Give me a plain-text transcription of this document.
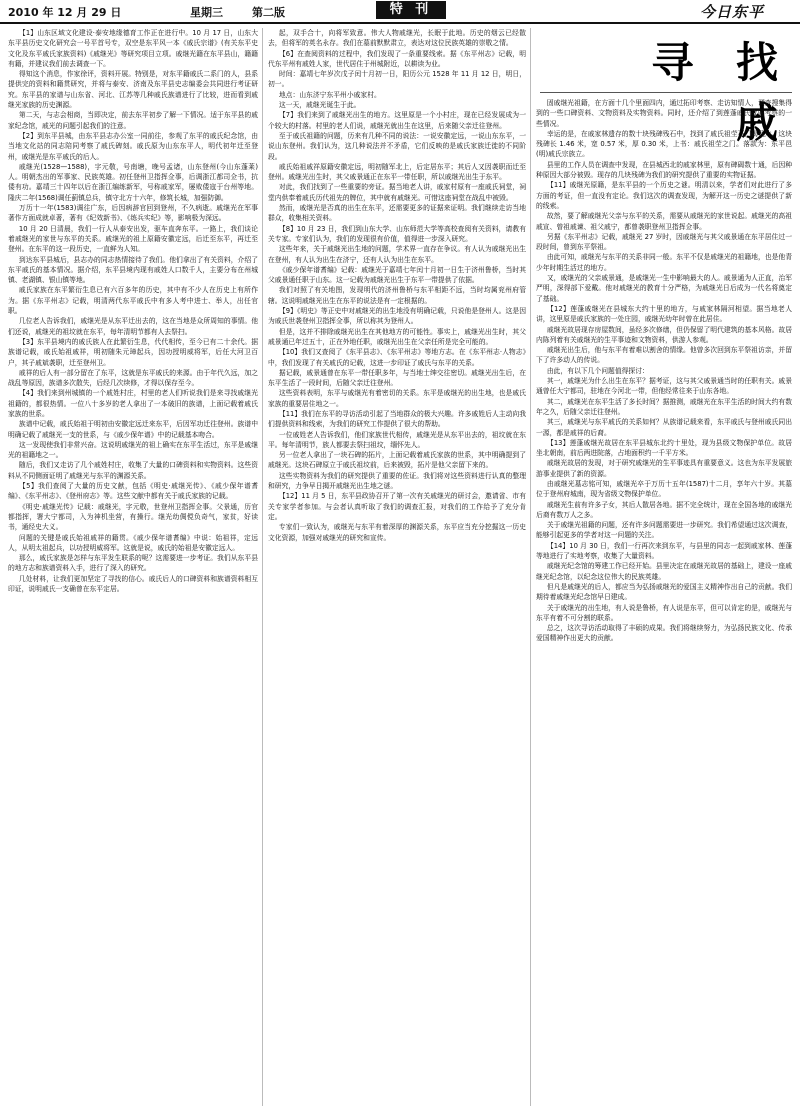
2010 年 12 月 29 日	星期三	第二版	特 刊	今日东平
寻 找 戚

【1】山东区域文化建设·泰安地缘德育工作正在进行中。10 月 17 日，山东大东平县历史文化研究会一号平首号专，双空是东平风一本《戚氏宗谱》(有关东平史文化及东平戚氏家族资料)《戚继光》等研究项目立项。戚继光籍在东平县山，籍籍有籍，并建议我们前去调查一下。

得知这个消息，作家徐评，资料开展。特别是，对东平籍戚氏二系门的人，县系提供完的资料和籍贯研究，并将与泰安、济南及东平县史志编委会共同进行考证研究。东平县的家谱与山东省、河北、江苏等几种戚氏族谱进行了比较，进而看到戚继光家族的历史渊源。

第二天，与志会相商，当即决定，前去东平初步了解一下情况。适于东平县的戚家纪念馆，戚光的问题引起我们的注意。

【2】到东平县城，由东平县志办公室一同前往，参观了东平的戚氏纪念馆，由当地文化站的同志陪同考察了戚氏碑刻。戚氏原为山东东平人，明代初年迁至登州，戚继光是东平戚氏的后人。

戚继光(1528—1588)，字元敬，号南塘，晚号孟诸，山东登州(今山东蓬莱)人。明朝杰出的军事家、民族英雄。初任登州卫指挥佥事，后调浙江都司佥书，抗倭有功。嘉靖三十四年以后在浙江编练新军，号称戚家军，屡败倭寇于台州等地。隆庆二年(1568)调任蓟镇总兵，镇守北方十六年，修筑长城，加强防御。

万历十一年(1583)调往广东，后因病辞官回到登州，不久病逝。戚继光在军事著作方面成就卓著，著有《纪效新书》、《练兵实纪》等，影响极为深远。

10 月 20 日清晨，我们一行人从泰安出发，驱车直奔东平。一路上，我们谈论着戚继光的家世与东平的关系。戚继光的祖上原籍安徽定远，后迁至东平，再迁至登州。在东平的这一段历史，一直鲜为人知。

到达东平县城后，县志办的同志热情接待了我们。他们拿出了有关资料，介绍了东平戚氏的基本情况。据介绍，东平县境内现有戚姓人口数千人，主要分布在州城镇、老湖镇、银山镇等地。

戚氏家族在东平繁衍生息已有六百多年的历史，其中有不少人在历史上有所作为。据《东平州志》记载，明清两代东平戚氏中有多人考中进士、举人，出任官职。

几位老人告诉我们，戚继光是从东平迁出去的，这在当地是众所周知的事情。他们还说，戚继光的祖坟就在东平，每年清明节都有人去祭扫。

【3】东平县境内的戚氏族人在此繁衍生息，代代相传，至今已有二十余代。据族谱记载，戚氏始祖戚祥，明初随朱元璋起兵，因功授明威将军，后任大河卫百户，其子戚斌袭职，迁至登州卫。

戚祥的后人有一部分留在了东平，这就是东平戚氏的来源。由于年代久远，加之战乱等原因，族谱多次散失，后经几次续修，才得以保存至今。

【4】我们来到州城镇的一个戚姓村庄，村里的老人们听说我们是来寻找戚继光祖籍的，都很热情。一位八十多岁的老人拿出了一本破旧的族谱，上面记载着戚氏家族的世系。

族谱中记载，戚氏始祖于明初由安徽定远迁来东平，后因军功迁往登州。族谱中明确记载了戚继光一支的世系，与《戚少保年谱》中的记载基本吻合。

这一发现使我们非常兴奋。这说明戚继光的祖上确实在东平生活过，东平是戚继光的祖籍地之一。

随后，我们又走访了几个戚姓村庄，收集了大量的口碑资料和实物资料。这些资料从不同侧面证明了戚继光与东平的渊源关系。

【5】我们查阅了大量的历史文献，包括《明史·戚继光传》、《戚少保年谱耆编》、《东平州志》、《登州府志》等。这些文献中都有关于戚氏家族的记载。

《明史·戚继光传》记载：戚继光，字元敬，世登州卫指挥佥事。父景通，历官都指挥，署大宁都司，入为神机坐营，有操行。继光幼倜傥负奇气，家贫，好读书，通经史大义。

问题的关键是戚氏始祖戚祥的籍贯。《戚少保年谱耆编》中说：始祖祥，定远人，从明太祖起兵，以功授明威将军。这就是说，戚氏的始祖是安徽定远人。

那么，戚氏家族是怎样与东平发生联系的呢？这需要进一步考证。我们从东平县的地方志和族谱资料入手，进行了深入的研究。

几处材料，让我们更加坚定了寻找的信心。戚氏后人的口碑资料和族谱资料相互印证，说明戚氏一支确曾在东平定居。

起，双手合十，向将军致意。伟大人物戚继光，长眠于此地。历史的烟云已经散去，但将军的英名永存。我们在墓前默默肃立，表达对这位民族英雄的崇敬之情。

【6】在查阅资料的过程中，我们发现了一条重要线索。据《东平州志》记载，明代东平州有戚姓人家，世代居住于州城附近，以耕读为业。

时间：嘉靖七年岁次戊子闰十月初一日，阳历公元 1528 年 11 月 12 日，明日，初一。

地点：山东济宁东平州小戚家村。

这一天，戚继光诞生于此。

【7】我们来到了戚继光出生的地方。这里原是一个小村庄，现在已经发展成为一个较大的村落。村里的老人们说，戚继光就出生在这里，后来随父亲迁往登州。

至于戚氏祖籍的问题，历来有几种不同的说法：一说安徽定远，一说山东东平，一说山东登州。我们认为，这几种说法并不矛盾，它们反映的是戚氏家族迁徙的不同阶段。

戚氏始祖戚祥原籍安徽定远，明初随军北上，后定居东平；其后人又因袭职而迁至登州。戚继光出生时，其父戚景通正在东平一带任职，所以戚继光出生于东平。

对此，我们找到了一些重要的旁证。据当地老人讲，戚家村原有一座戚氏祠堂，祠堂内供奉着戚氏历代祖先的牌位，其中就有戚继光。可惜这座祠堂在战乱中被毁。

然而，戚继光是否真的出生在东平，还需要更多的证据来证明。我们继续走访当地群众，收集相关资料。

【8】10 月 23 日，我们到山东大学、山东师范大学等高校查阅有关资料，请教有关专家。专家们认为，我们的发现很有价值，值得进一步深入研究。

这些年来，关于戚继光出生地的问题，学术界一直存在争议。有人认为戚继光出生在登州，有人认为出生在济宁，还有人认为出生在东平。

《戚少保年谱耆编》记载：戚继光于嘉靖七年闰十月初一日生于济州鲁桥，当时其父戚景通任职于山东。这一记载为戚继光出生于东平一带提供了依据。

我们对照了有关地图，发现明代的济州鲁桥与东平相距不远，当时均属兖州府管辖。这说明戚继光出生在东平的说法是有一定根据的。

【9】《明史》等正史中对戚继光的出生地没有明确记载，只说他是登州人。这是因为戚氏世袭登州卫指挥佥事，所以称其为登州人。

但是，这并不排除戚继光出生在其他地方的可能性。事实上，戚继光出生时，其父戚景通已年过五十，正在外地任职，戚继光出生在父亲任所是完全可能的。

【10】我们又查阅了《东平县志》、《东平州志》等地方志。在《东平州志·人物志》中，我们发现了有关戚氏的记载，这进一步印证了戚氏与东平的关系。

据记载，戚景通曾在东平一带任职多年，与当地士绅交往密切。戚继光出生后，在东平生活了一段时间，后随父亲迁往登州。

这些资料表明，东平与戚继光有着密切的关系。东平是戚继光的出生地，也是戚氏家族的重要居住地之一。

【11】我们在东平的寻访活动引起了当地群众的极大兴趣。许多戚姓后人主动向我们提供资料和线索，为我们的研究工作提供了很大的帮助。

一位戚姓老人告诉我们，他们家族世代相传，戚继光是从东平出去的，祖坟就在东平。每年清明节，族人都要去祭扫祖坟，缅怀先人。

另一位老人拿出了一块石碑的拓片，上面记载着戚氏家族的世系，其中明确提到了戚继光。这块石碑原立于戚氏祖坟前，后来被毁，拓片是他父亲留下来的。

这些实物资料为我们的研究提供了重要的佐证。我们将对这些资料进行认真的整理和研究，力争早日揭开戚继光出生地之谜。

【12】11 月 5 日，东平县政协召开了第一次有关戚继光的研讨会，邀请省、市有关专家学者参加。与会者认真听取了我们的调查汇报，对我们的工作给予了充分肯定。

专家们一致认为，戚继光与东平有着深厚的渊源关系，东平应当充分挖掘这一历史文化资源，加强对戚继光的研究和宣传。

固戚继光祖籍，在方面十几个里面四内，通过拓印考察、走访知情人，调查搜集得到的一些口碑资料、文物资料及实物资料。同时，还介绍了到莲蓬戚氏故居考察的一些情况。

幸运的是，在戚家林遗存的数十块残碑残石中，找到了戚氏祖茔石门碣残片。这块残碑长 1.46 米，宽 0.57 米，厚 0.30 米，上书：戚氏祖茔之门。落款为：东平邑(明)戚氏宗族立。

县里的工作人员在调查中发现，在县城西北的戚家林里，原有碑碣数十通，后因种种原因大部分被毁。现存的几块残碑为我们的研究提供了重要的实物证据。

【11】戚继光原籍，是东平县的一个历史之谜。明清以来，学者们对此进行了多方面的考证，但一直没有定论。我们这次的调查发现，为解开这一历史之谜提供了新的线索。

故然，要了解戚继光父亲与东平的关系，需要从戚继光的家世说起。戚继光的高祖戚宣、曾祖戚谏、祖父戚宁，都曾袭职登州卫指挥佥事。

另据《东平州志》记载，戚继光 27 岁时，因戚继光与其父戚景通在东平居住过一段时间，曾到东平祭祖。

由此可知，戚继光与东平的关系非同一般。东平不仅是戚继光的祖籍地，也是他青少年时期生活过的地方。

又，戚继光的父亲戚景通，是戚继光一生中影响最大的人。戚景通为人正直，治军严明，深得部下爱戴。他对戚继光的教育十分严格，为戚继光日后成为一代名将奠定了基础。

【12】莲蓬戚继光在县城东大约十里的地方，与戚家林隔河相望。据当地老人讲，这里原是戚氏家族的一处庄园，戚继光幼年时曾在此居住。

戚继光故居现存房屋数间，虽经多次修缮，但仍保留了明代建筑的基本风格。故居内陈列着有关戚继光的生平事迹和文物资料，供游人参观。

戚继光出生后，他与东平有着难以割舍的情缘。他曾多次回到东平祭祖访亲，并留下了许多动人的传说。

由此，有以下几个问题值得探讨：

其一，戚继光为什么出生在东平？据考证，这与其父戚景通当时的任职有关。戚景通曾任大宁都司，驻地在今河北一带，但他经常往来于山东各地。

其二，戚继光在东平生活了多长时间？据推测，戚继光在东平生活的时间大约有数年之久，后随父亲迁往登州。

其三，戚继光与东平戚氏的关系如何？从族谱记载来看，东平戚氏与登州戚氏同出一源，都是戚祥的后裔。

【13】莲蓬戚继光故居在东平县城东北约十里处，现为县级文物保护单位。故居坐北朝南，前后两进院落，占地面积约一千平方米。

戚继光故居的发现，对于研究戚继光的生平事迹具有重要意义。这也为东平发展旅游事业提供了新的资源。

由戚继光墓志铭可知，戚继光卒于万历十五年(1587)十二月，享年六十岁。其墓位于登州府城南，现为省级文物保护单位。

戚继光生前有许多子女，其后人散居各地。据不完全统计，现在全国各地的戚继光后裔有数万人之多。

关于戚继光祖籍的问题，还有许多问题需要进一步研究。我们希望通过这次调查，能够引起更多的学者对这一问题的关注。

【14】10 月 30 日，我们一行再次来到东平，与县里的同志一起到戚家林、莲蓬等地进行了实地考察，收集了大量资料。

戚继光纪念馆的筹建工作已经开始。县里决定在戚继光故居的基础上，建设一座戚继光纪念馆，以纪念这位伟大的民族英雄。

但凡是戚继光的后人，都应当为弘扬戚继光的爱国主义精神作出自己的贡献。我们期待着戚继光纪念馆早日建成。

关于戚继光的出生地，有人说是鲁桥，有人说是东平，但可以肯定的是，戚继光与东平有着不可分割的联系。

总之，这次寻访活动取得了丰硕的成果。我们将继续努力，为弘扬民族文化、传承爱国精神作出更大的贡献。
